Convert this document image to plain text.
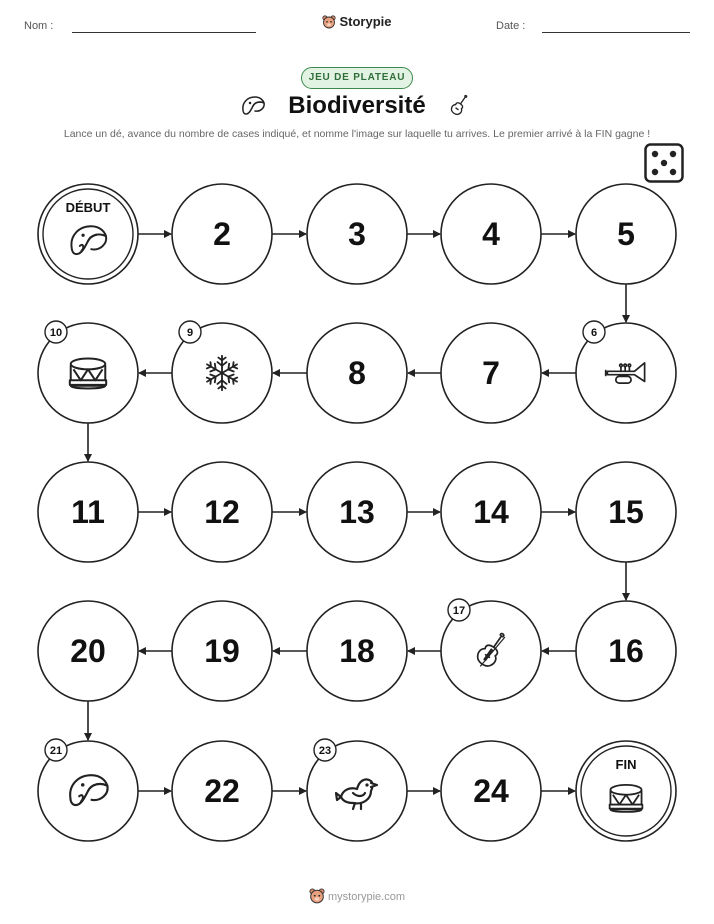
Nom :	Storypie	Date :
JEU DE PLATEAU
Biodiversité
Lance un dé, avance du nombre de cases indiqué, et nomme l'image sur laquelle tu arrives. Le premier arrivé à la FIN gagne !
DÉBUT
2	3	4	5
6
7
8
9
10
11	12	13	14	15
16
17
18
19
20
21
22
23
24
FIN
mystorypie.com
